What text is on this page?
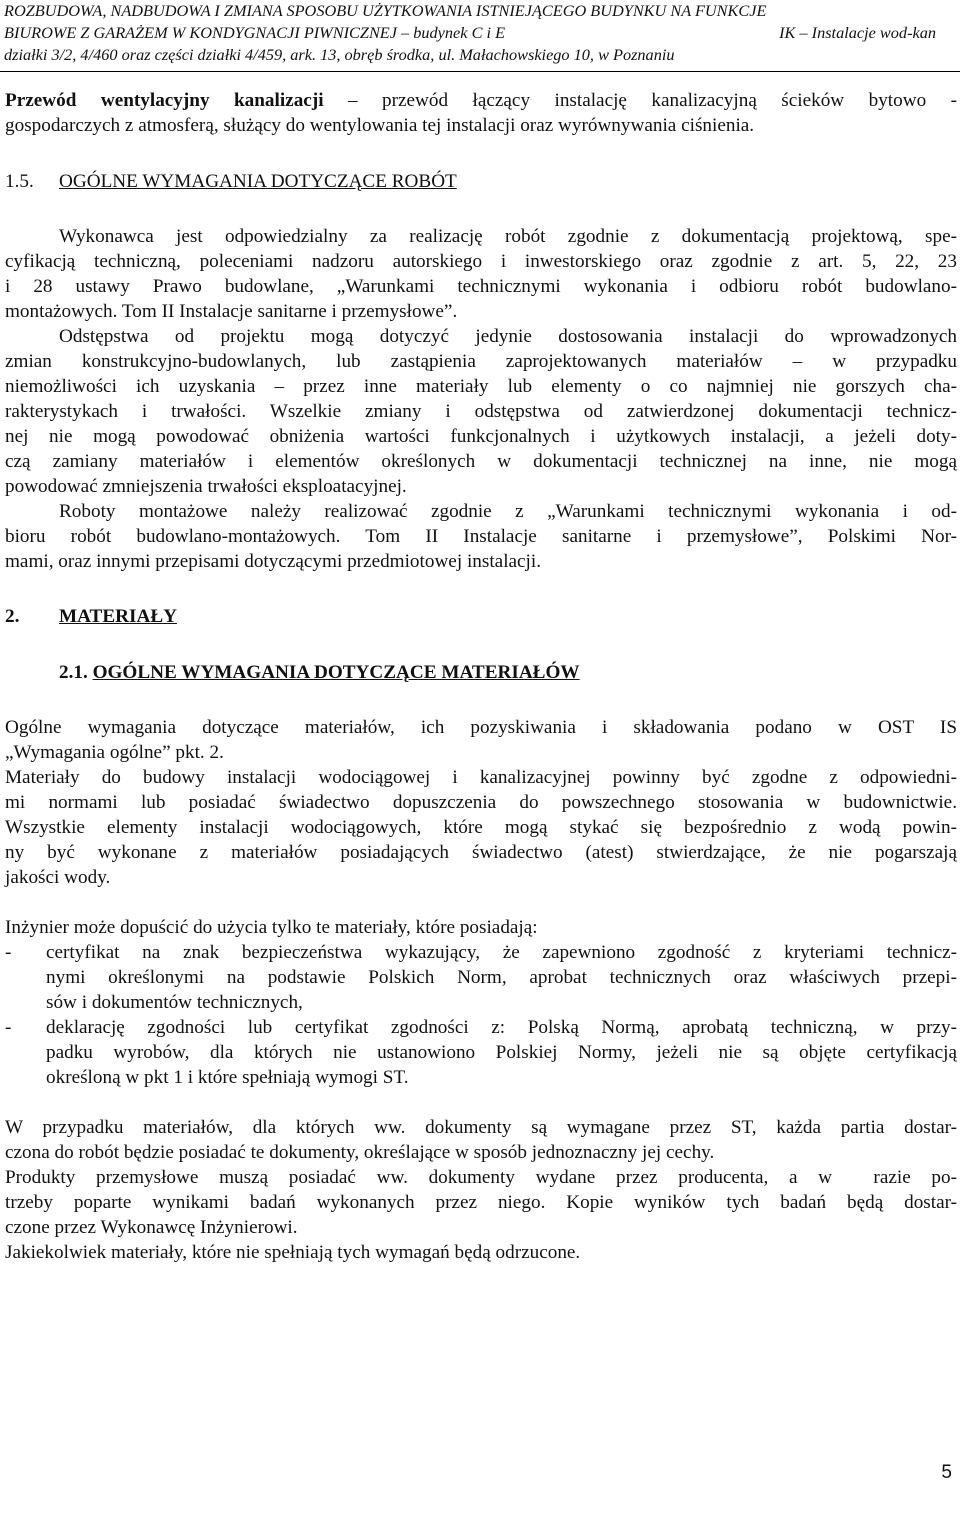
ROZBUDOWA, NADBUDOWA I ZMIANA SPOSOBU UŻYTKOWANIA ISTNIEJĄCEGO BUDYNKU NA FUNKCJE
BIUROWE Z GARAŻEM W KONDYGNACJI PIWNICZNEJ – budynek C i E	IK – Instalacje wod-kan
działki 3/2, 4/460 oraz części działki 4/459, ark. 13, obręb środka, ul. Małachowskiego 10, w Poznaniu
Przewód wentylacyjny kanalizacji – przewód łączący instalację kanalizacyjną ścieków bytowo -
gospodarczych z atmosferą, służący do wentylowania tej instalacji oraz wyrównywania ciśnienia.
1.5. OGÓLNE WYMAGANIA DOTYCZĄCE ROBÓT
Wykonawca jest odpowiedzialny za realizację robót zgodnie z dokumentacją projektową, spe-
cyfikacją techniczną, poleceniami nadzoru autorskiego i inwestorskiego oraz zgodnie z art. 5, 22, 23
i 28 ustawy Prawo budowlane, „Warunkami technicznymi wykonania i odbioru robót budowlano-
montażowych. Tom II Instalacje sanitarne i przemysłowe”.
Odstępstwa od projektu mogą dotyczyć jedynie dostosowania instalacji do wprowadzonych
zmian konstrukcyjno-budowlanych, lub zastąpienia zaprojektowanych materiałów – w przypadku
niemożliwości ich uzyskania – przez inne materiały lub elementy o co najmniej nie gorszych cha-
rakterystykach i trwałości. Wszelkie zmiany i odstępstwa od zatwierdzonej dokumentacji technicz-
nej nie mogą powodować obniżenia wartości funkcjonalnych i użytkowych instalacji, a jeżeli doty-
czą zamiany materiałów i elementów określonych w dokumentacji technicznej na inne, nie mogą
powodować zmniejszenia trwałości eksploatacyjnej.
Roboty montażowe należy realizować zgodnie z „Warunkami technicznymi wykonania i od-
bioru robót budowlano-montażowych. Tom II Instalacje sanitarne i przemysłowe”, Polskimi Nor-
mami, oraz innymi przepisami dotyczącymi przedmiotowej instalacji.
2. MATERIAŁY
2.1. OGÓLNE WYMAGANIA DOTYCZĄCE MATERIAŁÓW
Ogólne wymagania dotyczące materiałów, ich pozyskiwania i składowania podano w OST IS
„Wymagania ogólne” pkt. 2.
Materiały do budowy instalacji wodociągowej i kanalizacyjnej powinny być zgodne z odpowiedni-
mi normami lub posiadać świadectwo dopuszczenia do powszechnego stosowania w budownictwie.
Wszystkie elementy instalacji wodociągowych, które mogą stykać się bezpośrednio z wodą powin-
ny być wykonane z materiałów posiadających świadectwo (atest) stwierdzające, że nie pogarszają
jakości wody.
Inżynier może dopuścić do użycia tylko te materiały, które posiadają:
- certyfikat na znak bezpieczeństwa wykazujący, że zapewniono zgodność z kryteriami technicz-
nymi określonymi na podstawie Polskich Norm, aprobat technicznych oraz właściwych przepi-
sów i dokumentów technicznych,
- deklarację zgodności lub certyfikat zgodności z: Polską Normą, aprobatą techniczną, w przy-
padku wyrobów, dla których nie ustanowiono Polskiej Normy, jeżeli nie są objęte certyfikacją
określoną w pkt 1 i które spełniają wymogi ST.
W przypadku materiałów, dla których ww. dokumenty są wymagane przez ST, każda partia dostar-
czona do robót będzie posiadać te dokumenty, określające w sposób jednoznaczny jej cechy.
Produkty przemysłowe muszą posiadać ww. dokumenty wydane przez producenta, a w  razie po-
trzeby poparte wynikami badań wykonanych przez niego. Kopie wyników tych badań będą dostar-
czone przez Wykonawcę Inżynierowi.
Jakiekolwiek materiały, które nie spełniają tych wymagań będą odrzucone.
5
